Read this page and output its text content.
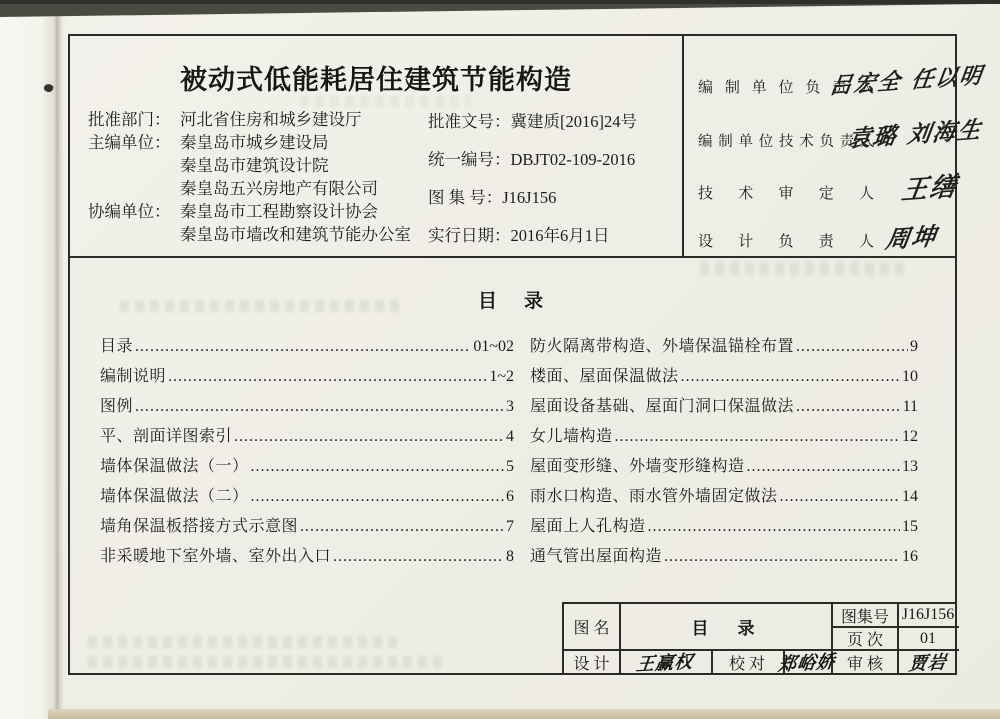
被动式低能耗居住建筑节能构造
批准部门： 河北省住房和城乡建设厅
主编单位： 秦皇岛市城乡建设局
秦皇岛市建筑设计院
秦皇岛五兴房地产有限公司
协编单位： 秦皇岛市工程勘察设计协会
秦皇岛市墙改和建筑节能办公室
批准文号：冀建质[2016]24号
统一编号：DBJT02-109-2016
图 集 号：J16J156
实行日期：2016年6月1日
编制单位负责人
吕宏全 任以明
编制单位技术负责人
袁璐 刘海生
技术审定人 王缮
设计负责人 周坤
目　录
目录 .....	01~02
编制说明 .....	1~2
图例 .....	3
平、剖面详图索引 .....	4
墙体保温做法（一） .....	5
墙体保温做法（二） .....	6
墙角保温板搭接方式示意图 .....	7
非采暖地下室外墙、室外出入口 .....	8
防火隔离带构造、外墙保温锚栓布置 .....	9
楼面、屋面保温做法 .....	10
屋面设备基础、屋面门洞口保温做法 .....	11
女儿墙构造 .....	12
屋面变形缝、外墙变形缝构造 .....	13
雨水口构造、雨水管外墙固定做法 .....	14
屋面上人孔构造 .....	15
通气管出屋面构造 .....	16
图 名	目　录
图集号 J16J156
页 次	01
设 计	王赢权	校 对 郑峪娇 审 核	贾岩
